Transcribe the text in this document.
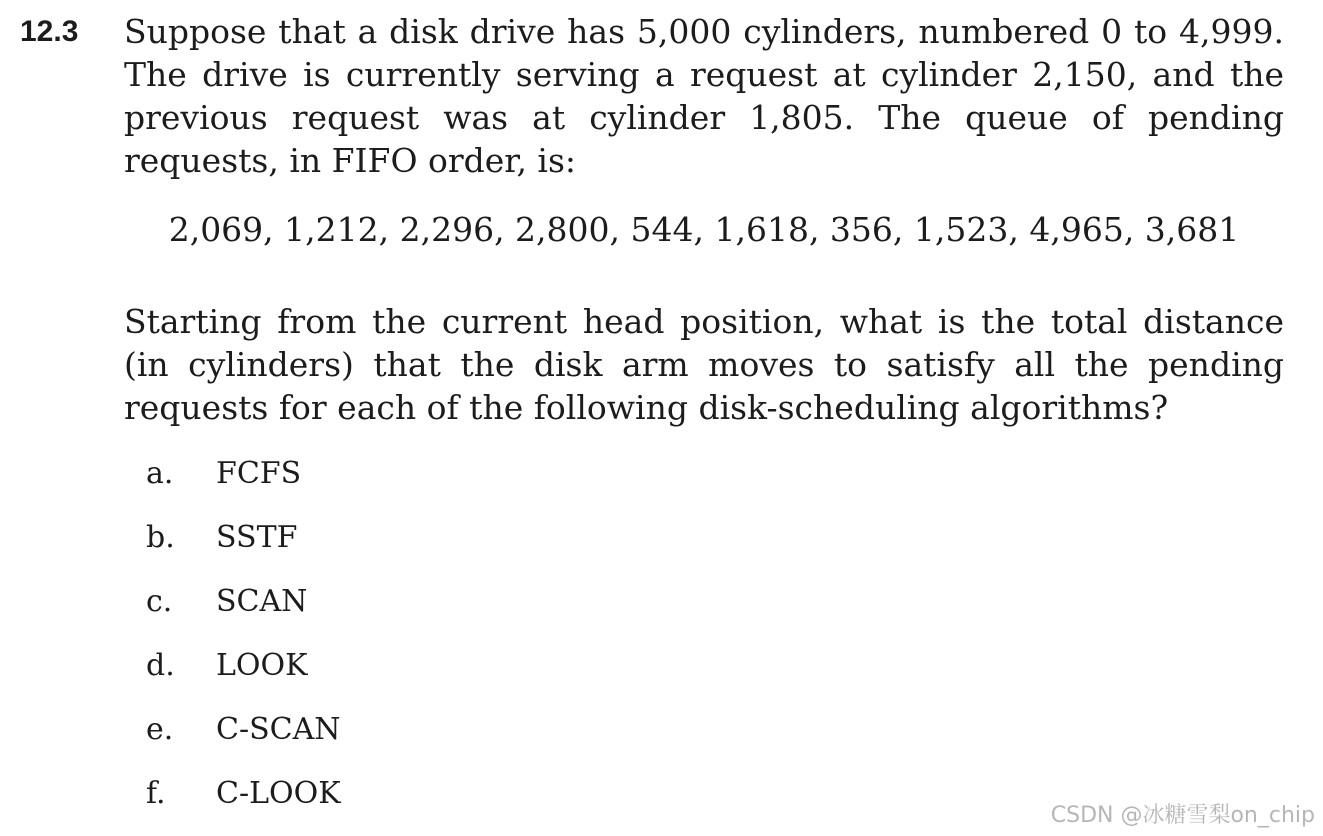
12.3 Suppose that a disk drive has 5,000 cylinders, numbered 0 to 4,999. The drive is currently serving a request at cylinder 2,150, and the previous request was at cylinder 1,805. The queue of pending requests, in FIFO order, is:

2,069, 1,212, 2,296, 2,800, 544, 1,618, 356, 1,523, 4,965, 3,681

Starting from the current head position, what is the total distance (in cylinders) that the disk arm moves to satisfy all the pending requests for each of the following disk-scheduling algorithms?

a.	FCFS
b.	SSTF
c.	SCAN
d.	LOOK
e.	C-SCAN
f.	C-LOOK
CSDN @冰糖雪梨on_chip
